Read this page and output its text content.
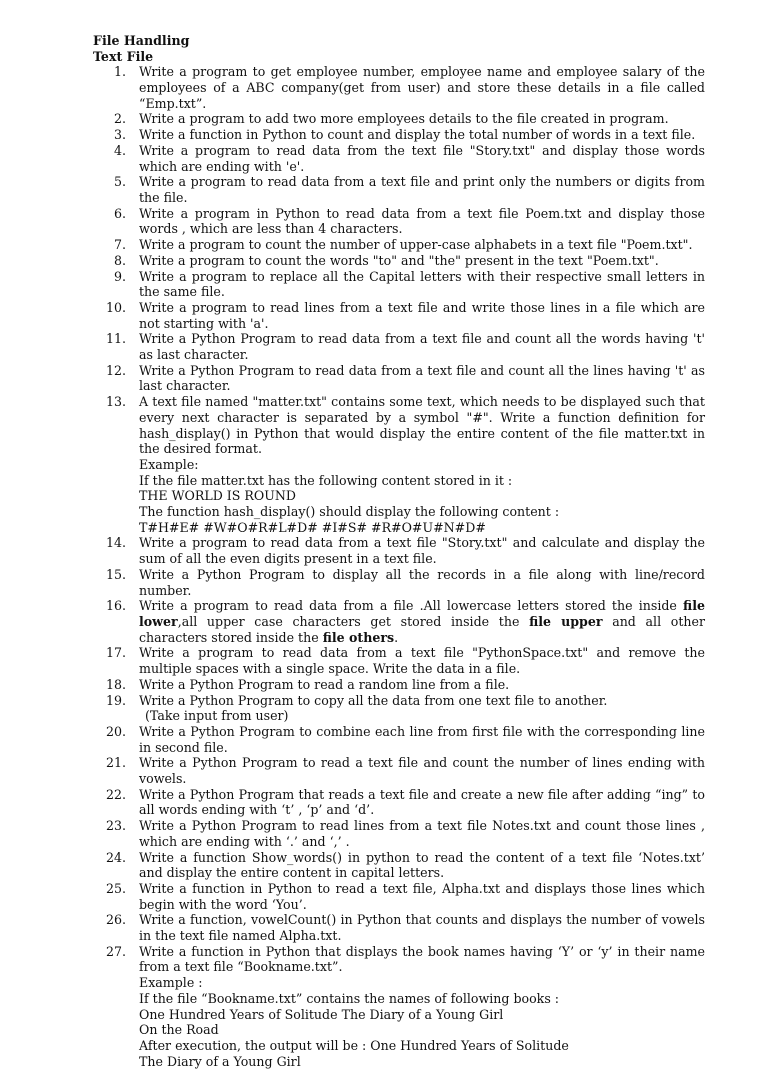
File Handling
Text File
1. Write a program to get employee number, employee name and employee salary of the employees of a ABC company(get from user) and store these details in a file called “Emp.txt”.
2. Write a program to add two more employees details to the file created in program.
3. Write a function in Python to count and display the total number of words in a text file.
4. Write a program to read data from the text file "Story.txt" and display those words which are ending with 'e'.
5. Write a program to read data from a text file and print only the numbers or digits from the file.
6. Write a program in Python to read data from a text file Poem.txt and display those words , which are less than 4 characters.
7. Write a program to count the number of upper-case alphabets in a text file "Poem.txt".
8. Write a program to count the words "to" and "the" present in the text "Poem.txt".
9. Write a program to replace all the Capital letters with their respective small letters in the same file.
10. Write a program to read lines from a text file and write those lines in a file which are not starting with 'a'.
11. Write a Python Program to read data from a text file and count all the words having 't' as last character.
12. Write a Python Program to read data from a text file and count all the lines having 't' as last character.
13. A text file named "matter.txt" contains some text, which needs to be displayed such that every next character is separated by a symbol "#". Write a function definition for hash_display() in Python that would display the entire content of the file matter.txt in the desired format.
Example:
If the file matter.txt has the following content stored in it :
THE WORLD IS ROUND
The function hash_display() should display the following content :
T#H#E# #W#O#R#L#D# #I#S# #R#O#U#N#D#
14. Write a program to read data from a text file "Story.txt" and calculate and display the sum of all the even digits present in a text file.
15. Write a Python Program to display all the records in a file along with line/record number.
16. Write a program to read data from a file .All lowercase letters stored the inside file lower,all upper case characters get stored inside the file upper and all other characters stored inside the file others.
17. Write a program to read data from a text file "PythonSpace.txt" and remove the multiple spaces with a single space. Write the data in a file.
18. Write a Python Program to read a random line from a file.
19. Write a Python Program to copy all the data from one text file to another.
(Take input from user)
20. Write a Python Program to combine each line from first file with the corresponding line in second file.
21. Write a Python Program to read a text file and count the number of lines ending with vowels.
22. Write a Python Program that reads a text file and create a new file after adding “ing” to all words ending with ‘t’ , ‘p’ and ‘d’.
23. Write a Python Program to read lines from a text file Notes.txt and count those lines , which are ending with ‘.’ and ‘,’ .
24. Write a function Show_words() in python to read the content of a text file ‘Notes.txt’ and display the entire content in capital letters.
25. Write a function in Python to read a text file, Alpha.txt and displays those lines which begin with the word ‘You’.
26. Write a function, vowelCount() in Python that counts and displays the number of vowels in the text file named Alpha.txt.
27. Write a function in Python that displays the book names having ‘Y’ or ‘y’ in their name from a text file “Bookname.txt”.
Example :
If the file “Bookname.txt” contains the names of following books :
One Hundred Years of Solitude The Diary of a Young Girl
On the Road
After execution, the output will be : One Hundred Years of Solitude
The Diary of a Young Girl
